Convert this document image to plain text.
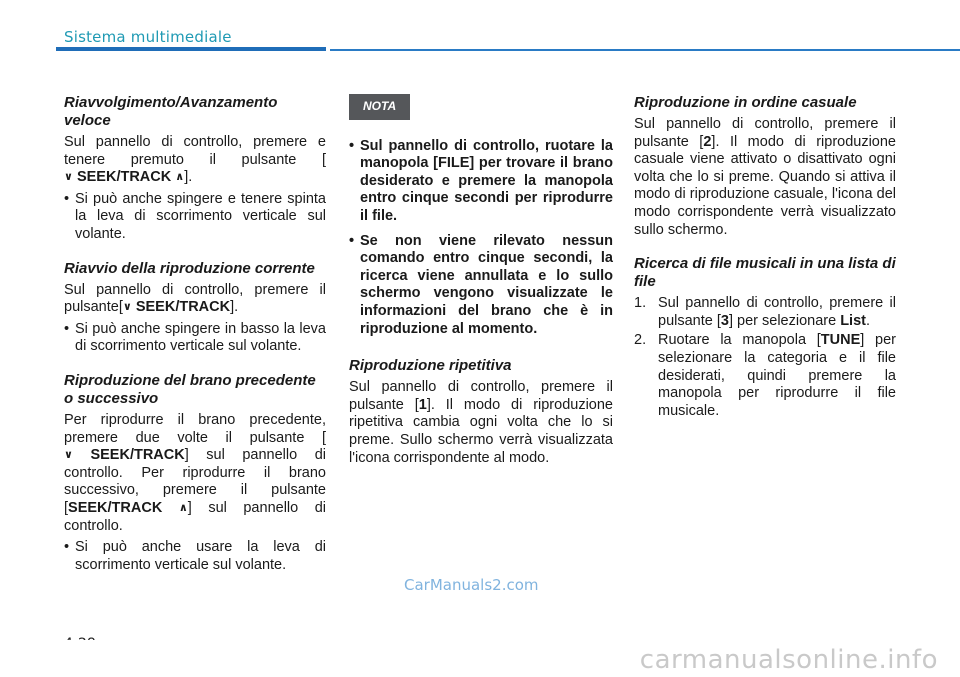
Sistema multimediale
Riavvolgimento/Avanzamento veloce
Sul pannello di controllo, premere e tenere premuto il pulsante [∨ SEEK/TRACK ∧].
• Si può anche spingere e tenere spinta la leva di scorrimento verticale sul volante.
Riavvio della riproduzione corrente
Sul pannello di controllo, premere il pulsante[∨ SEEK/TRACK].
• Si può anche spingere in basso la leva di scorrimento verticale sul volante.
Riproduzione del brano precedente o successivo
Per riprodurre il brano precedente, premere due volte il pulsante [∨ SEEK/TRACK] sul pannello di controllo. Per riprodurre il brano successivo, premere il pulsante [SEEK/TRACK ∧] sul pannello di controllo.
• Si può anche usare la leva di scorrimento verticale sul volante.
NOTA
• Sul pannello di controllo, ruotare la manopola [FILE] per trovare il brano desiderato e premere la manopola entro cinque secondi per riprodurre il file.
• Se non viene rilevato nessun comando entro cinque secondi, la ricerca viene annullata e lo sullo schermo vengono visualizzate le informazioni del brano che è in riproduzione al momento.
Riproduzione ripetitiva
Sul pannello di controllo, premere il pulsante [1]. Il modo di riproduzione ripetitiva cambia ogni volta che lo si preme. Sullo schermo verrà visualizzata l'icona corrispondente al modo.
Riproduzione in ordine casuale
Sul pannello di controllo, premere il pulsante [2]. Il modo di riproduzione casuale viene attivato o disattivato ogni volta che lo si preme. Quando si attiva il modo di riproduzione casuale, l'icona del modo corrispondente verrà visualizzato sullo schermo.
Ricerca di file musicali in una lista di file
1. Sul pannello di controllo, premere il pulsante [3] per selezionare List.
2. Ruotare la manopola [TUNE] per selezionare la categoria e il file desiderati, quindi premere la manopola per riprodurre il file musicale.
CarManuals2.com
carmanualsonline.info
